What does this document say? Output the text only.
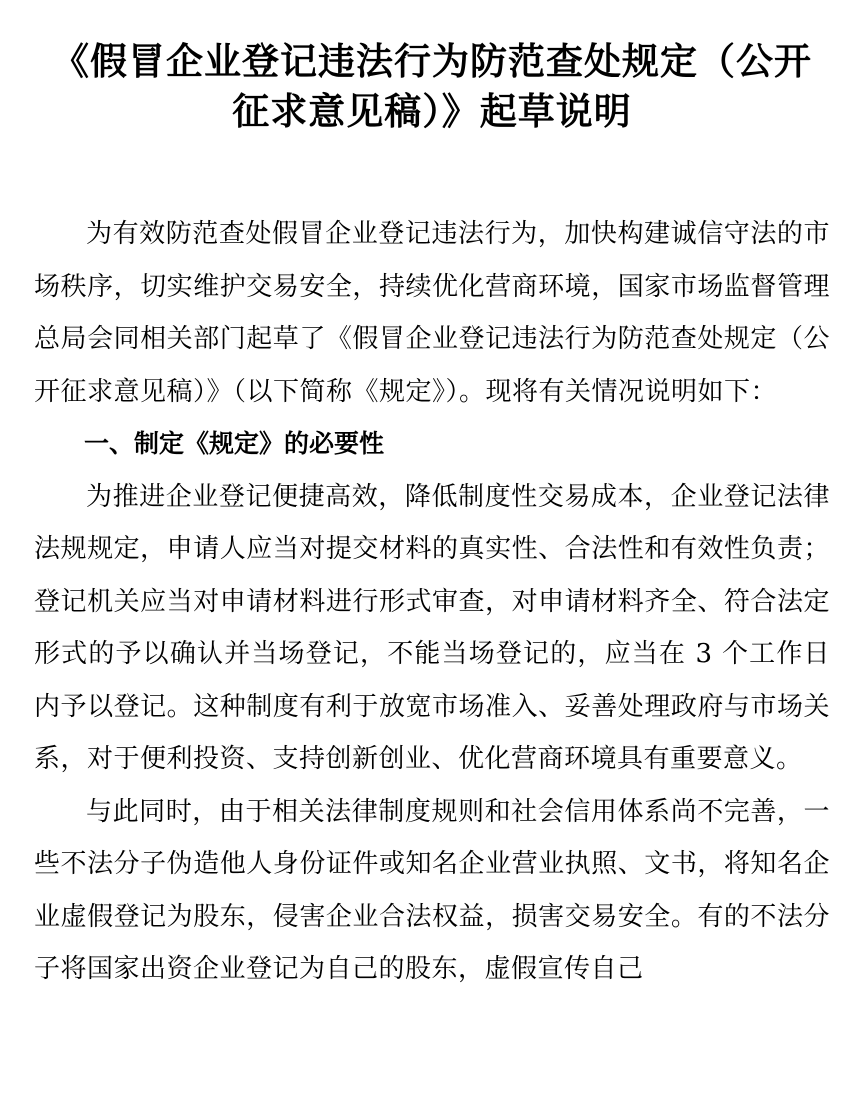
《假冒企业登记违法行为防范查处规定（公开
征求意见稿）》起草说明

为有效防范查处假冒企业登记违法行为，加快构建诚信守法的市场秩序，切实维护交易安全，持续优化营商环境，国家市场监督管理总局会同相关部门起草了《假冒企业登记违法行为防范查处规定（公开征求意见稿）》（以下简称《规定》）。现将有关情况说明如下：

一、制定《规定》的必要性

为推进企业登记便捷高效，降低制度性交易成本，企业登记法律法规规定，申请人应当对提交材料的真实性、合法性和有效性负责；登记机关应当对申请材料进行形式审查，对申请材料齐全、符合法定形式的予以确认并当场登记，不能当场登记的，应当在 3 个工作日内予以登记。这种制度有利于放宽市场准入、妥善处理政府与市场关系，对于便利投资、支持创新创业、优化营商环境具有重要意义。

与此同时，由于相关法律制度规则和社会信用体系尚不完善，一些不法分子伪造他人身份证件或知名企业营业执照、文书，将知名企业虚假登记为股东，侵害企业合法权益，损害交易安全。有的不法分子将国家出资企业登记为自己的股东，虚假宣传自己
